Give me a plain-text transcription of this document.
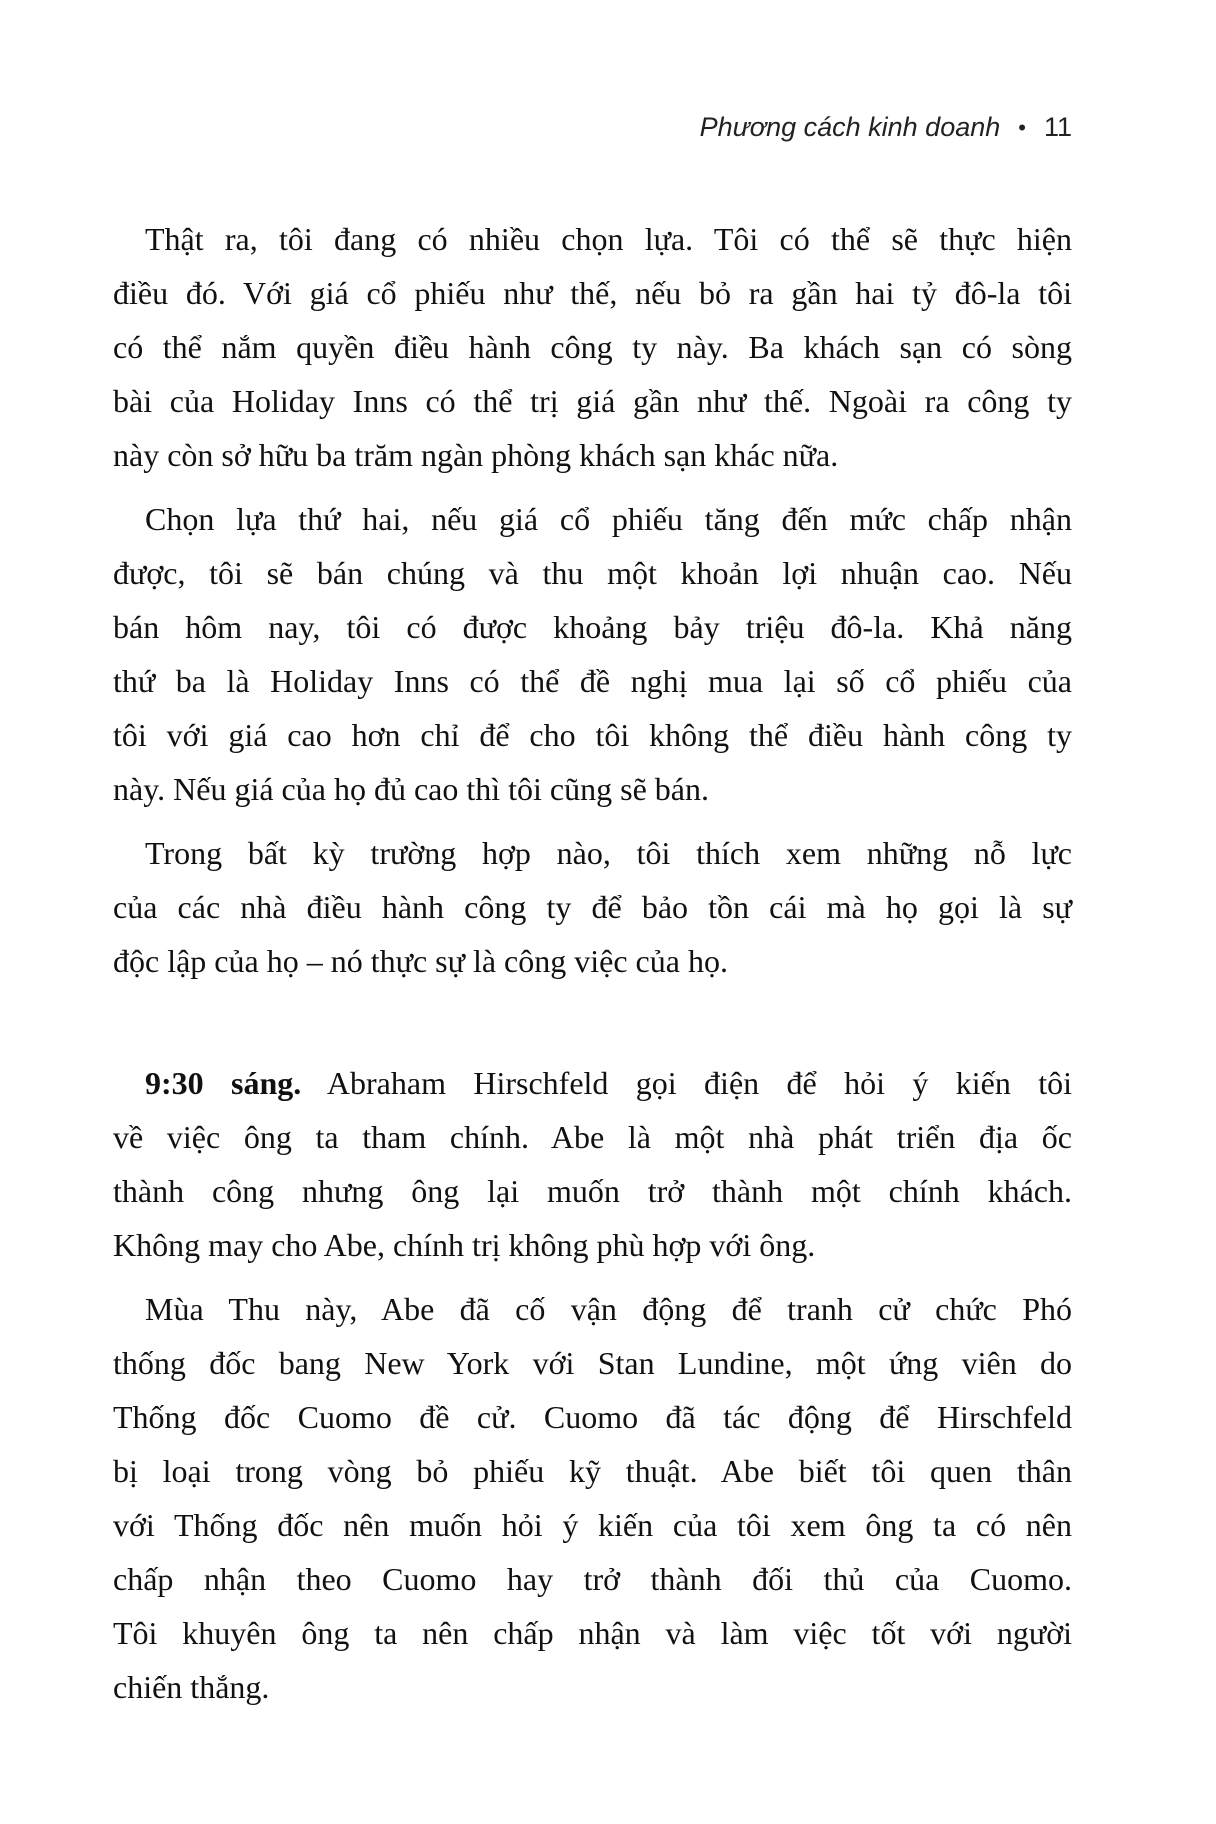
Phương cách kinh doanh • 11
Thật ra, tôi đang có nhiều chọn lựa. Tôi có thể sẽ thực hiện
điều đó. Với giá cổ phiếu như thế, nếu bỏ ra gần hai tỷ đô-la tôi
có thể nắm quyền điều hành công ty này. Ba khách sạn có sòng
bài của Holiday Inns có thể trị giá gần như thế. Ngoài ra công ty
này còn sở hữu ba trăm ngàn phòng khách sạn khác nữa.
Chọn lựa thứ hai, nếu giá cổ phiếu tăng đến mức chấp nhận
được, tôi sẽ bán chúng và thu một khoản lợi nhuận cao. Nếu
bán hôm nay, tôi có được khoảng bảy triệu đô-la. Khả năng
thứ ba là Holiday Inns có thể đề nghị mua lại số cổ phiếu của
tôi với giá cao hơn chỉ để cho tôi không thể điều hành công ty
này. Nếu giá của họ đủ cao thì tôi cũng sẽ bán.
Trong bất kỳ trường hợp nào, tôi thích xem những nỗ lực
của các nhà điều hành công ty để bảo tồn cái mà họ gọi là sự
độc lập của họ – nó thực sự là công việc của họ.
9:30 sáng. Abraham Hirschfeld gọi điện để hỏi ý kiến tôi
về việc ông ta tham chính. Abe là một nhà phát triển địa ốc
thành công nhưng ông lại muốn trở thành một chính khách.
Không may cho Abe, chính trị không phù hợp với ông.
Mùa Thu này, Abe đã cố vận động để tranh cử chức Phó
thống đốc bang New York với Stan Lundine, một ứng viên do
Thống đốc Cuomo đề cử. Cuomo đã tác động để Hirschfeld
bị loại trong vòng bỏ phiếu kỹ thuật. Abe biết tôi quen thân
với Thống đốc nên muốn hỏi ý kiến của tôi xem ông ta có nên
chấp nhận theo Cuomo hay trở thành đối thủ của Cuomo.
Tôi khuyên ông ta nên chấp nhận và làm việc tốt với người
chiến thắng.
